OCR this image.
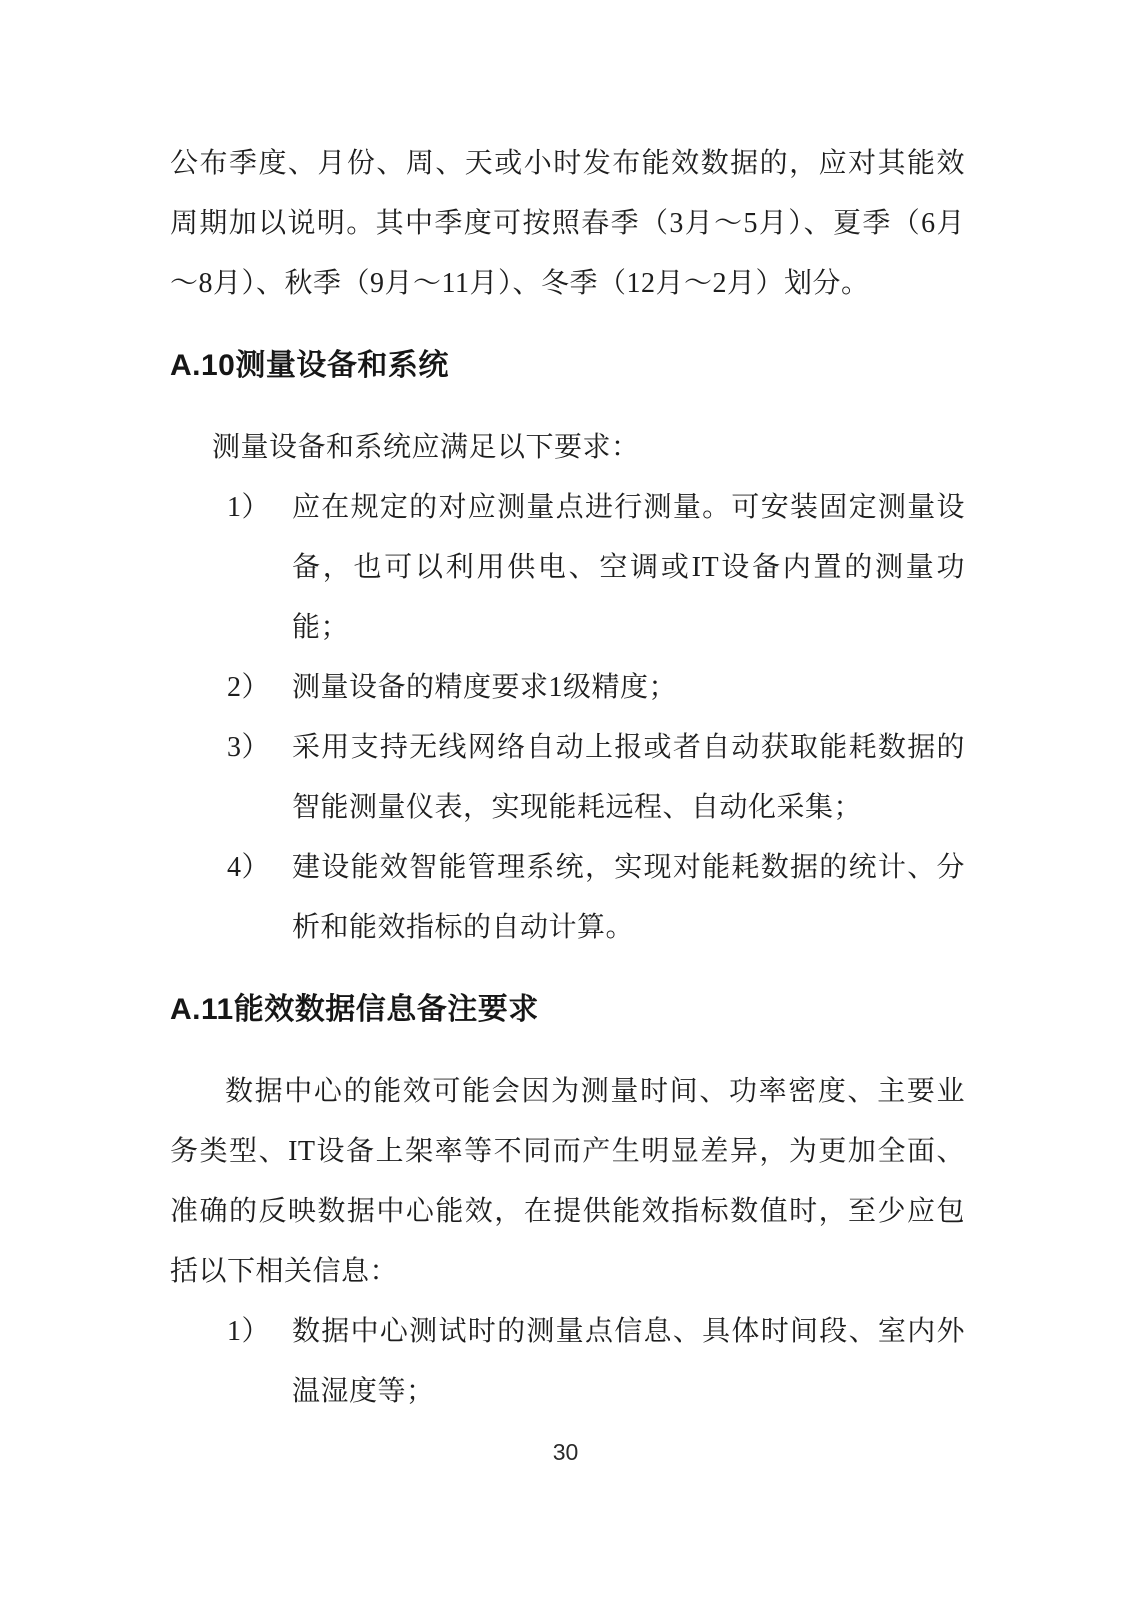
公布季度、月份、周、天或小时发布能效数据的，应对其能效周期加以说明。其中季度可按照春季（3月～5月）、夏季（6月～8月）、秋季（9月～11月）、冬季（12月～2月）划分。

A.10测量设备和系统

测量设备和系统应满足以下要求：

1） 应在规定的对应测量点进行测量。可安装固定测量设备，也可以利用供电、空调或IT设备内置的测量功能；
2） 测量设备的精度要求1级精度；
3） 采用支持无线网络自动上报或者自动获取能耗数据的智能测量仪表，实现能耗远程、自动化采集；
4） 建设能效智能管理系统，实现对能耗数据的统计、分析和能效指标的自动计算。
A.11能效数据信息备注要求

数据中心的能效可能会因为测量时间、功率密度、主要业务类型、IT设备上架率等不同而产生明显差异，为更加全面、准确的反映数据中心能效，在提供能效指标数值时，至少应包括以下相关信息：

1） 数据中心测试时的测量点信息、具体时间段、室内外温湿度等；
30
